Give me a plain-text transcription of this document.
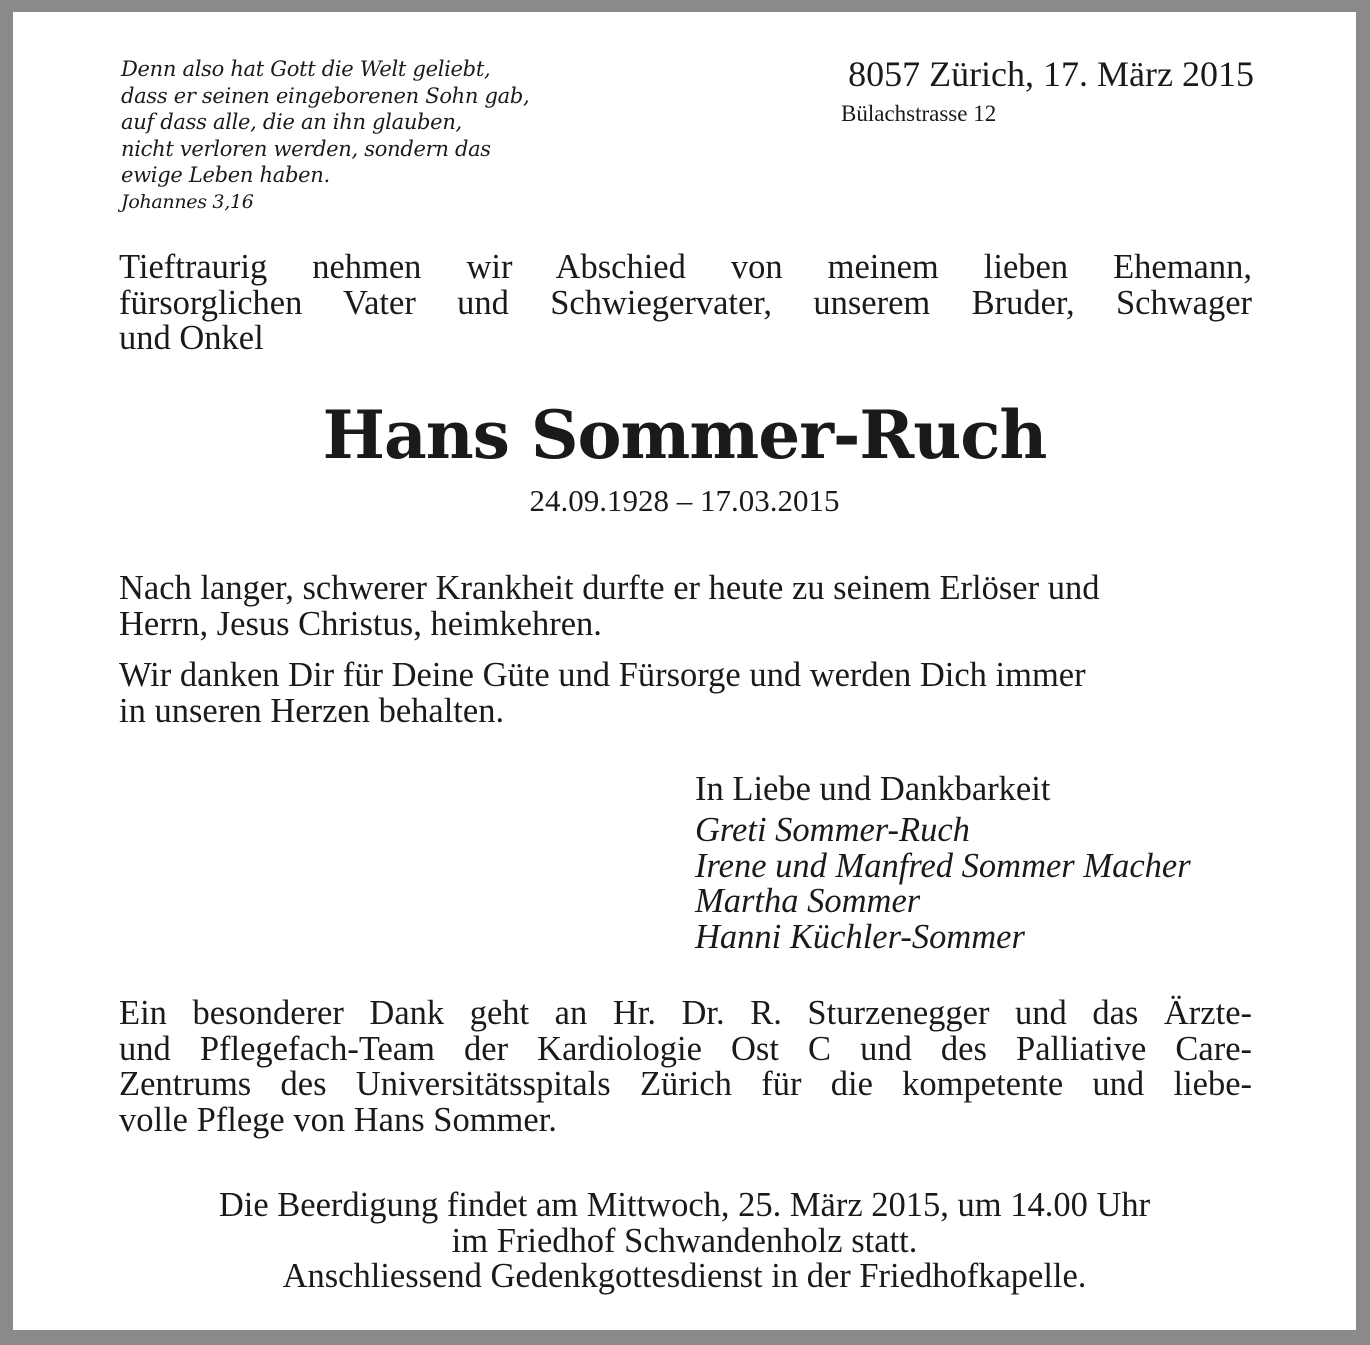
Denn also hat Gott die Welt geliebt,
dass er seinen eingeborenen Sohn gab,
auf dass alle, die an ihn glauben,
nicht verloren werden, sondern das
ewige Leben haben.
Johannes 3,16
8057 Zürich, 17. März 2015
Bülachstrasse 12
Tieftraurig nehmen wir Abschied von meinem lieben Ehemann,
fürsorglichen Vater und Schwiegervater, unserem Bruder, Schwager
und Onkel
Hans Sommer-Ruch
24.09.1928 – 17.03.2015
Nach langer, schwerer Krankheit durfte er heute zu seinem Erlöser und
Herrn, Jesus Christus, heimkehren.
Wir danken Dir für Deine Güte und Fürsorge und werden Dich immer
in unseren Herzen behalten.
In Liebe und Dankbarkeit
Greti Sommer-Ruch
Irene und Manfred Sommer Macher
Martha Sommer
Hanni Küchler-Sommer
Ein besonderer Dank geht an Hr. Dr. R. Sturzenegger und das Ärzte-
und Pflegefach-Team der Kardiologie Ost C und des Palliative Care-
Zentrums des Universitätsspitals Zürich für die kompetente und liebe-
volle Pflege von Hans Sommer.
Die Beerdigung findet am Mittwoch, 25. März 2015, um 14.00 Uhr
im Friedhof Schwandenholz statt.
Anschliessend Gedenkgottesdienst in der Friedhofkapelle.
